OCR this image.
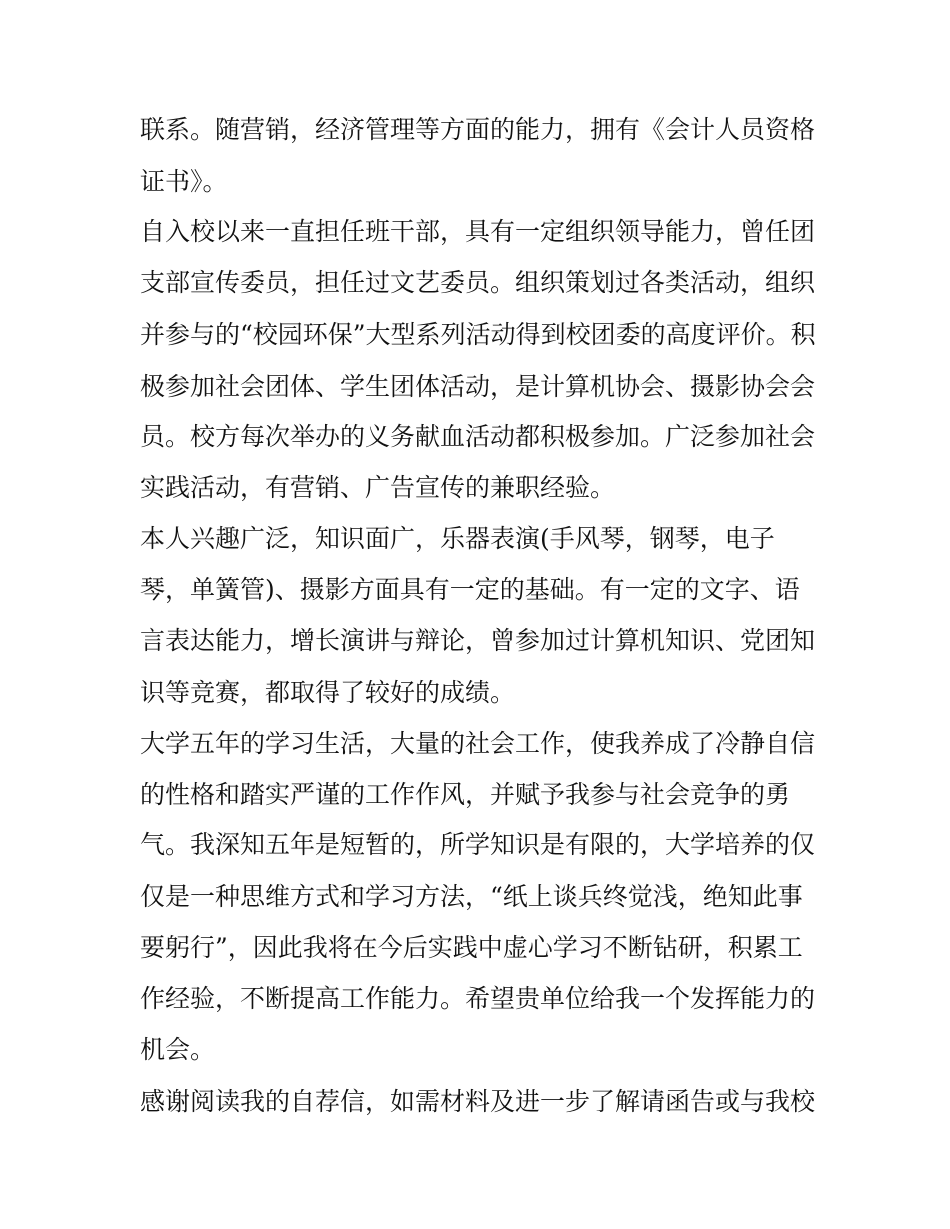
联系。随营销，经济管理等方面的能力，拥有《会计人员资格

证书》。

自入校以来一直担任班干部，具有一定组织领导能力，曾任团

支部宣传委员，担任过文艺委员。组织策划过各类活动，组织

并参与的“校园环保”大型系列活动得到校团委的高度评价。积

极参加社会团体、学生团体活动，是计算机协会、摄影协会会

员。校方每次举办的义务献血活动都积极参加。广泛参加社会

实践活动，有营销、广告宣传的兼职经验。

本人兴趣广泛，知识面广，乐器表演(手风琴，钢琴，电子

琴，单簧管)、摄影方面具有一定的基础。有一定的文字、语

言表达能力，增长演讲与辩论，曾参加过计算机知识、党团知

识等竞赛，都取得了较好的成绩。

大学五年的学习生活，大量的社会工作，使我养成了冷静自信

的性格和踏实严谨的工作作风，并赋予我参与社会竞争的勇

气。我深知五年是短暂的，所学知识是有限的，大学培养的仅

仅是一种思维方式和学习方法，“纸上谈兵终觉浅，绝知此事

要躬行”，因此我将在今后实践中虚心学习不断钻研，积累工

作经验，不断提高工作能力。希望贵单位给我一个发挥能力的

机会。

感谢阅读我的自荐信，如需材料及进一步了解请函告或与我校
